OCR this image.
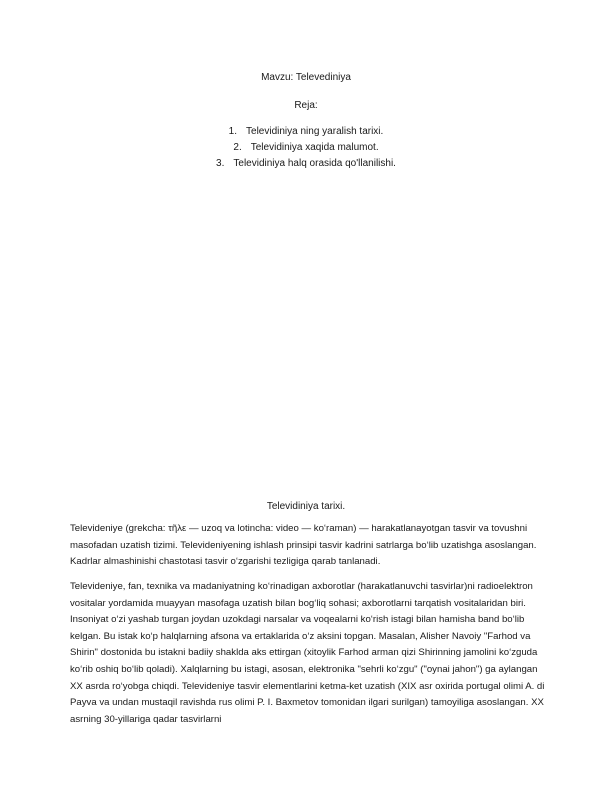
Mavzu: Televediniya
Reja:
1. Televidiniya ning yaralish tarixi.
2. Televidiniya xaqida malumot.
3. Televidiniya halq orasida qo'llanilishi.
Televidiniya tarixi.

Televideniye (grekcha: τῆλε — uzoq va lotincha: video — koʻraman) — harakatlanayotgan tasvir va tovushni masofadan uzatish tizimi. Televideniyening ishlash prinsipi tasvir kadrini satrlarga boʻlib uzatishga asoslangan. Kadrlar almashinishi chastotasi tasvir oʻzgarishi tezligiga qarab tanlanadi.

Televideniye, fan, texnika va madaniyatning koʻrinadigan axborotlar (harakatlanuvchi tasvirlar)ni radioelektron vositalar yordamida muayyan masofaga uzatish bilan bogʻliq sohasi; axborotlarni tarqatish vositalaridan biri. Insoniyat oʻzi yashab turgan joydan uzokdagi narsalar va voqealarni koʻrish istagi bilan hamisha band boʻlib kelgan. Bu istak koʻp halqlarning afsona va ertaklarida oʻz aksini topgan. Masalan, Alisher Navoiy "Farhod va Shirin" dostonida bu istakni badiiy shaklda aks ettirgan (xitoylik Farhod arman qizi Shirinning jamolini koʻzguda koʻrib oshiq boʻlib qoladi). Xalqlarning bu istagi, asosan, elektronika "sehrli koʻzgu" ("oynai jahon") ga aylangan XX asrda roʻyobga chiqdi. Televideniye tasvir elementlarini ketma-ket uzatish (XIX asr oxirida portugal olimi A. di Payva va undan mustaqil ravishda rus olimi P. I. Baxmetov tomonidan ilgari surilgan) tamoyiliga asoslangan. XX asrning 30-yillariga qadar tasvirlarni
